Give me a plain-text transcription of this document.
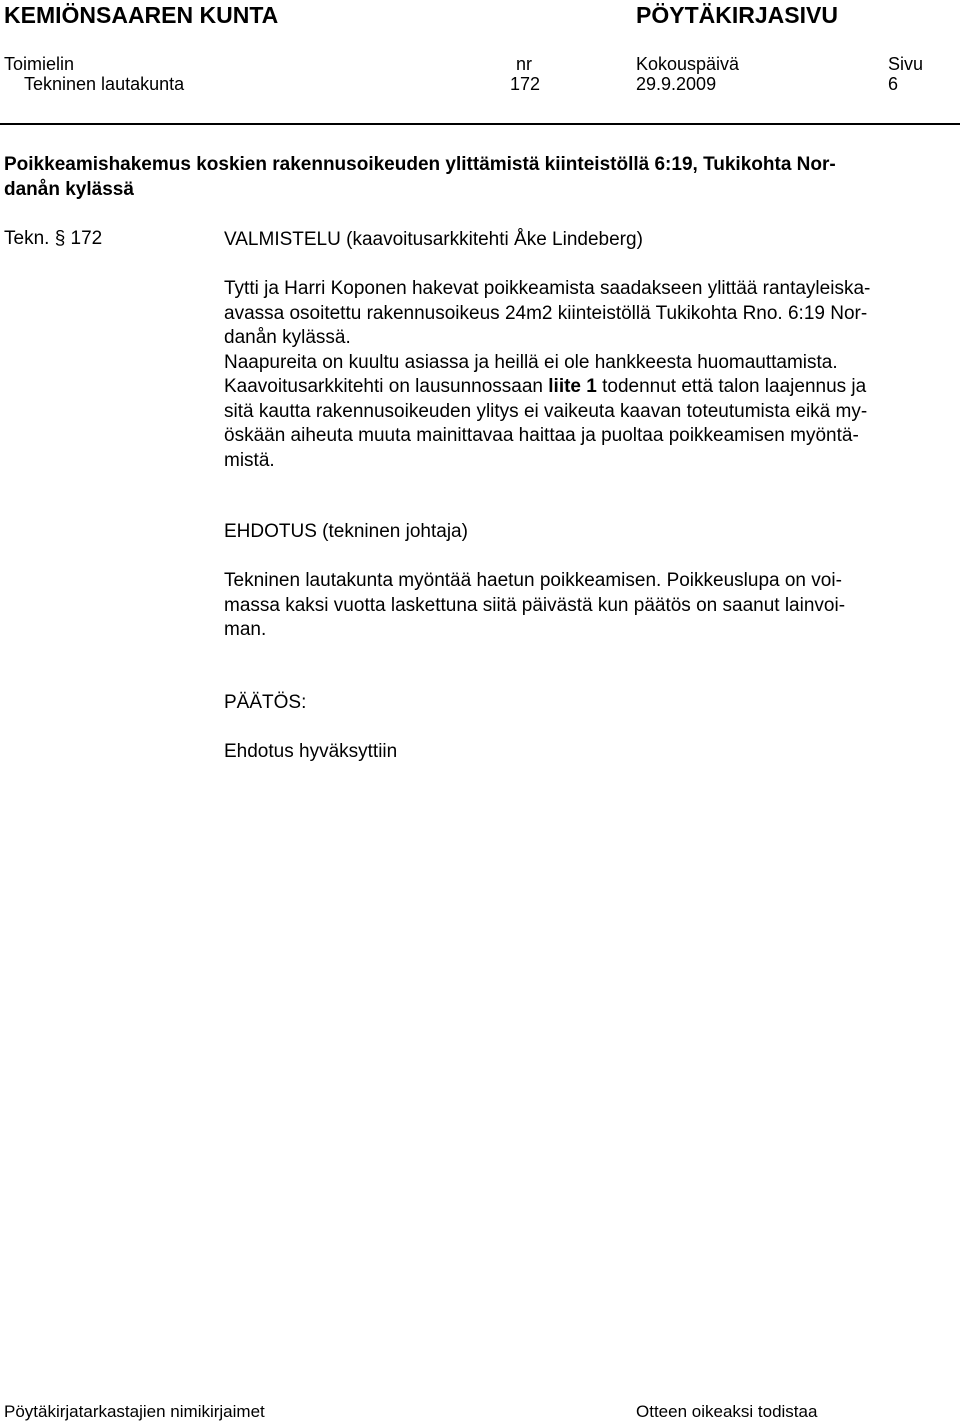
KEMIÖNSAAREN KUNTA	PÖYTÄKIRJASIVU
Toimielin	nr	Kokouspäivä	Sivu
Tekninen lautakunta	172	29.9.2009	6
Poikkeamishakemus koskien rakennusoikeuden ylittämistä kiinteistöllä 6:19, Tukikohta Nor-
danån kylässä
Tekn. § 172	VALMISTELU (kaavoitusarkkitehti Åke Lindeberg)
Tytti ja Harri Koponen hakevat poikkeamista saadakseen ylittää rantayleiska-
avassa osoitettu rakennusoikeus 24m2 kiinteistöllä Tukikohta Rno. 6:19 Nor-
danån kylässä.
Naapureita on kuultu asiassa ja heillä ei ole hankkeesta huomauttamista.
Kaavoitusarkkitehti on lausunnossaan liite 1 todennut että talon laajennus ja
sitä kautta rakennusoikeuden ylitys ei vaikeuta kaavan toteutumista eikä my-
öskään aiheuta muuta mainittavaa haittaa ja puoltaa poikkeamisen myöntä-
mistä.
EHDOTUS (tekninen johtaja)
Tekninen lautakunta myöntää haetun poikkeamisen. Poikkeuslupa on voi-
massa kaksi vuotta laskettuna siitä päivästä kun päätös on saanut lainvoi-
man.
PÄÄTÖS:
Ehdotus hyväksyttiin
Pöytäkirjatarkastajien nimikirjaimet	Otteen oikeaksi todistaa
